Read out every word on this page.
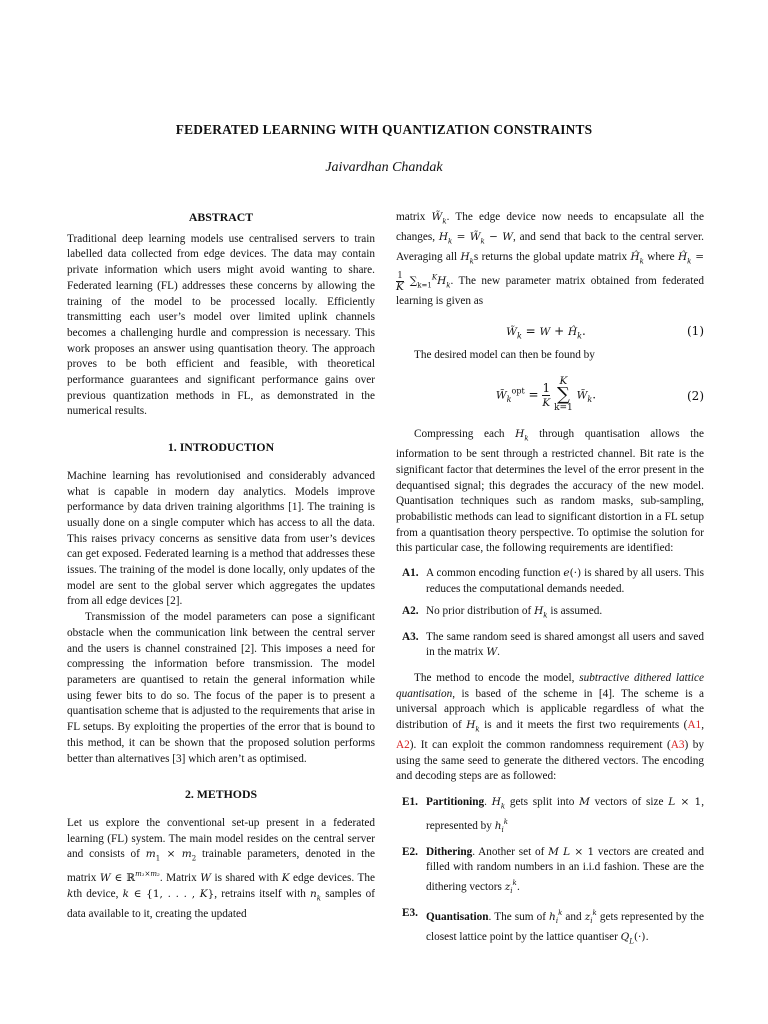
FEDERATED LEARNING WITH QUANTIZATION CONSTRAINTS
Jaivardhan Chandak
ABSTRACT

Traditional deep learning models use centralised servers to train labelled data collected from edge devices. The data may contain private information which users might avoid wanting to share. Federated learning (FL) addresses these concerns by allowing the training of the model to be processed locally. Efficiently transmitting each user’s model over limited uplink channels becomes a challenging hurdle and compression is necessary. This work proposes an answer using quantisation theory. The approach proves to be both efficient and feasible, with theoretical performance guarantees and significant performance gains over previous quantization methods in FL, as demonstrated in the numerical results.

1. INTRODUCTION

Machine learning has revolutionised and considerably advanced what is capable in modern day analytics. Models improve performance by data driven training algorithms [1]. The training is usually done on a single computer which has access to all the data. This raises privacy concerns as sensitive data from user’s devices can get exposed. Federated learning is a method that addresses these issues. The training of the model is done locally, only updates of the model are sent to the global server which aggregates the updates from all edge devices [2].

Transmission of the model parameters can pose a significant obstacle when the communication link between the central server and the users is channel constrained [2]. This imposes a need for compressing the information before transmission. The model parameters are quantised to retain the general information while using fewer bits to do so. The focus of the paper is to present a quantisation scheme that is adjusted to the requirements that arise in FL setups. By exploiting the properties of the error that is bound to this method, it can be shown that the proposed solution performs better than alternatives [3] which aren’t as optimised.

2. METHODS

Let us explore the conventional set-up present in a federated learning (FL) system. The main model resides on the central server and consists of $m_1 \times m_2$ trainable parameters, denoted in the matrix W ∈ ℝ$^{m_1\times m_2}$. Matrix W is shared with K edge devices. The kth device, k ∈ {1, . . . , K}, retrains itself with $n_k$ samples of data available to it, creating the updated

matrix $W̃_k$. The edge device now needs to encapsulate all the changes, $H_k$ = $W̃_k - W$, and send that back to the central server. Averaging all $H_ks$ returns the global update matrix $Ĥ_k$ where $Ĥ_k$ =
$\frac{1}{K} \sum_{k=1}^KH_k$. The new parameter matrix obtained from federated learning is given as

$W̃_k = W$ + $Ĥ_k$.	(1)

The desired model can then be found by

$W̃_k^{opt} = \frac{1}{K}$
K
∑
k=1
$W̃_k$.	(2)

Compressing each $H_k$ through quantisation allows the information to be sent through a restricted channel. Bit rate is the significant factor that determines the level of the error present in the dequantised signal; this degrades the accuracy of the new model. Quantisation techniques such as random masks, sub-sampling, probabilistic methods can lead to significant distortion in a FL setup from a quantisation theory perspective. To optimise the solution for this particular case, the following requirements are identified:

A1. A common encoding function e(·) is shared by all users. This reduces the computational demands needed.

A2. No prior distribution of $H_k$ is assumed.

A3. The same random seed is shared amongst all users and saved in the matrix W.

The method to encode the model, subtractive dithered lattice quantisation, is based of the scheme in [4]. The scheme is a universal approach which is applicable regardless of what the distribution of $H_k$ is and it meets the first two requirements (A1, A2). It can exploit the common randomness requirement (A3) by using the same seed to generate the dithered vectors. The encoding and decoding steps are as followed:

E1. Partitioning. $H_k$ gets split into M vectors of size L × 1, represented by $h_i^k$

E2. Dithering. Another set of M L × 1 vectors are created and filled with random numbers in an i.i.d fashion. These are the dithering vectors $z_i^k$.

E3. Quantisation. The sum of $h_i^k$ and $z_i^k$ gets represented by the closest lattice point by the lattice quantiser $Q_L(\cdot)$.
